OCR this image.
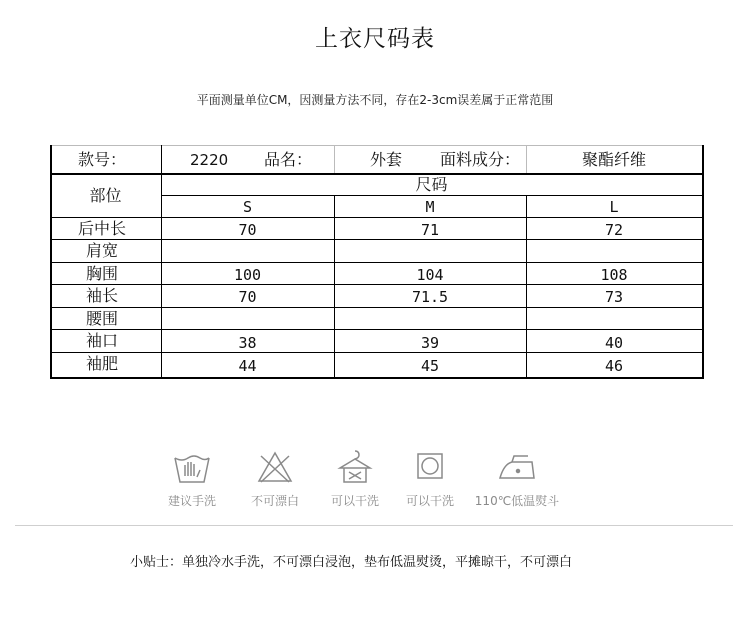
上衣尺码表
平面测量单位CM，因测量方法不同，存在2-3cm误差属于正常范围
款号：	2220 品名：	外套 面料成分：	聚酯纤维
部位
尺码
S	M	L
后中长	70	71	72
肩宽
胸围	100	104	108
袖长	70	71.5	73
腰围
袖口	38	39	40
袖肥	44	45	46
建议手洗	不可漂白	可以干洗	可以干洗	110℃低温熨斗
小贴士：单独冷水手洗，不可漂白浸泡，垫布低温熨烫，平摊晾干，不可漂白
